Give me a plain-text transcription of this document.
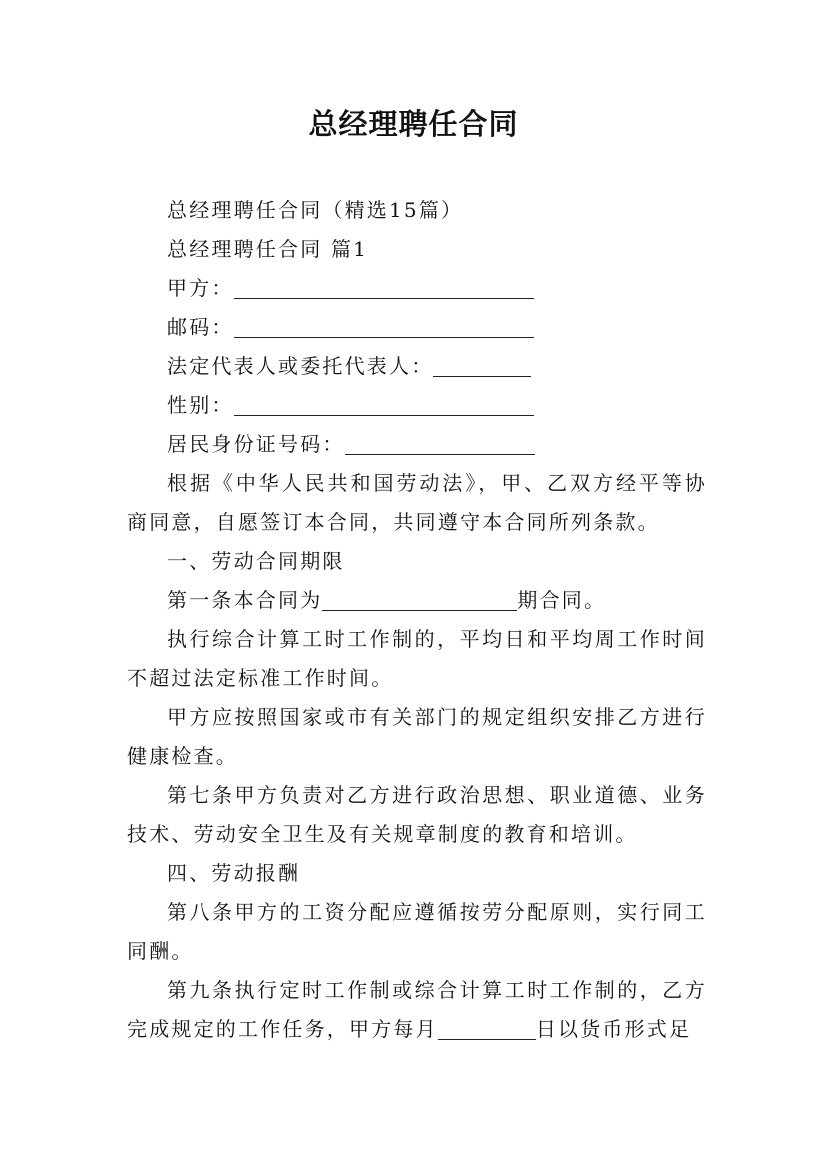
总经理聘任合同

总经理聘任合同（精选15篇）

总经理聘任合同 篇1

甲方：

邮码：

法定代表人或委托代表人：

性别：

居民身份证号码：

根据《中华人民共和国劳动法》，甲、乙双方经平等协商同意，自愿签订本合同，共同遵守本合同所列条款。

一、劳动合同期限

第一条本合同为	期合同。

执行综合计算工时工作制的，平均日和平均周工作时间不超过法定标准工作时间。

甲方应按照国家或市有关部门的规定组织安排乙方进行健康检查。

第七条甲方负责对乙方进行政治思想、职业道德、业务技术、劳动安全卫生及有关规章制度的教育和培训。

四、劳动报酬

第八条甲方的工资分配应遵循按劳分配原则，实行同工同酬。

第九条执行定时工作制或综合计算工时工作制的，乙方完成规定的工作任务，甲方每月	日以货币形式足
